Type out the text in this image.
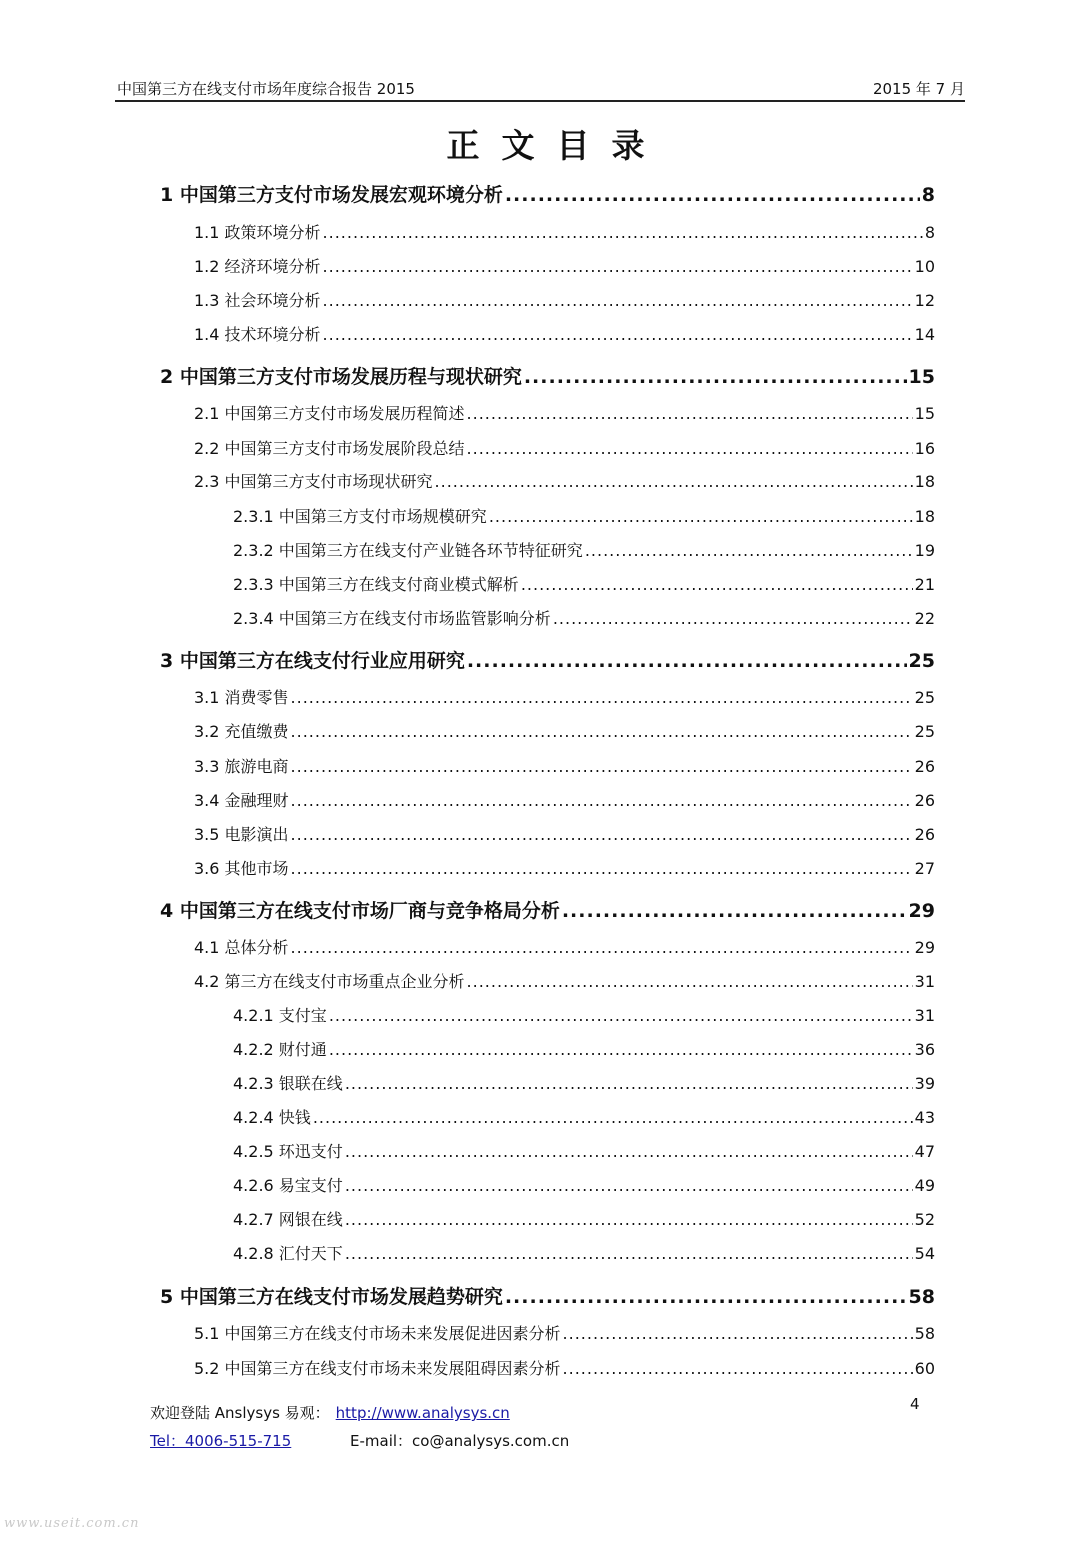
中国第三方在线支付市场年度综合报告 2015	2015 年 7 月
正文目录
1 中国第三方支付市场发展宏观环境分析 .....	8
1.1 政策环境分析 .....	8
1.2 经济环境分析 .....	10
1.3 社会环境分析 .....	12
1.4 技术环境分析 .....	14
2 中国第三方支付市场发展历程与现状研究 .....	15
2.1 中国第三方支付市场发展历程简述 .....	15
2.2 中国第三方支付市场发展阶段总结 .....	16
2.3 中国第三方支付市场现状研究 .....	18
2.3.1 中国第三方支付市场规模研究 .....	18
2.3.2 中国第三方在线支付产业链各环节特征研究 .....	19
2.3.3 中国第三方在线支付商业模式解析 .....	21
2.3.4 中国第三方在线支付市场监管影响分析 .....	22
3 中国第三方在线支付行业应用研究 .....	25
3.1 消费零售 .....	25
3.2 充值缴费 .....	25
3.3 旅游电商 .....	26
3.4 金融理财 .....	26
3.5 电影演出 .....	26
3.6 其他市场 .....	27
4 中国第三方在线支付市场厂商与竞争格局分析 .....	29
4.1 总体分析 .....	29
4.2 第三方在线支付市场重点企业分析 .....	31
4.2.1 支付宝 .....	31
4.2.2 财付通 .....	36
4.2.3 银联在线 .....	39
4.2.4 快钱 .....	43
4.2.5 环迅支付 .....	47
4.2.6 易宝支付 .....	49
4.2.7 网银在线 .....	52
4.2.8 汇付天下 .....	54
5 中国第三方在线支付市场发展趋势研究 .....	58
5.1 中国第三方在线支付市场未来发展促进因素分析 .....	58
5.2 中国第三方在线支付市场未来发展阻碍因素分析 .....	60
4
欢迎登陆 Anslysys 易观： http://www.analysys.cn
Tel：4006-515-715	E-mail：co@analysys.com.cn
www.useit.com.cn
